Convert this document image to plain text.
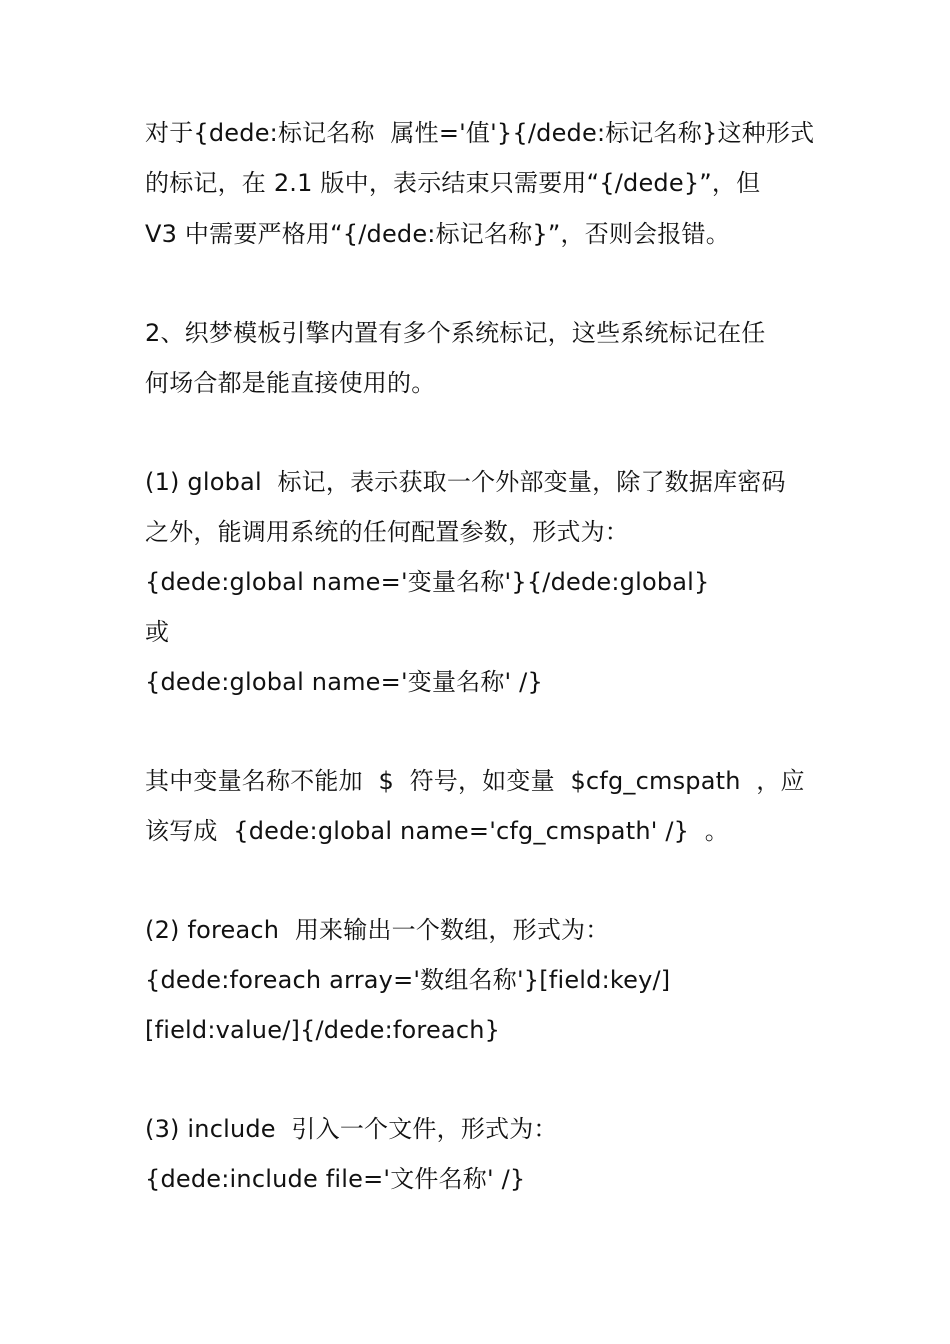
对于{dede:标记名称  属性='值'}{/dede:标记名称}这种形式
的标记，在 2.1 版中，表示结束只需要用“{/dede}”，但
V3 中需要严格用“{/dede:标记名称}”，否则会报错。
2、织梦模板引擎内置有多个系统标记，这些系统标记在任
何场合都是能直接使用的。
(1) global  标记，表示获取一个外部变量，除了数据库密码
之外，能调用系统的任何配置参数，形式为：
{dede:global name='变量名称'}{/dede:global}
或
{dede:global name='变量名称' /}
其中变量名称不能加  $  符号，如变量  $cfg_cmspath  ，应
该写成  {dede:global name='cfg_cmspath' /}  。
(2) foreach  用来输出一个数组，形式为：
{dede:foreach array='数组名称'}[field:key/]
[field:value/]{/dede:foreach}
(3) include  引入一个文件，形式为：
{dede:include file='文件名称' /}
